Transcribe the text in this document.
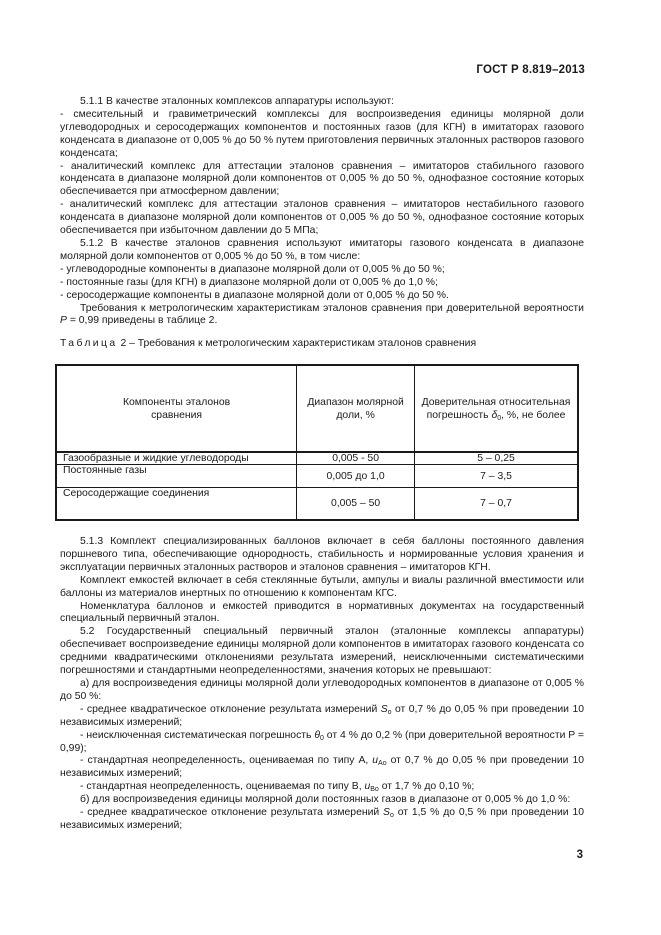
ГОСТ Р 8.819–2013

5.1.1 В качестве эталонных комплексов аппаратуры используют:

- смесительный и гравиметрический комплексы для воспроизведения единицы молярной доли углеводородных и серосодержащих компонентов и постоянных газов (для КГН) в имитаторах газового конденсата в диапазоне от 0,005 % до 50 % путем приготовления первичных эталонных растворов газового конденсата;

- аналитический комплекс для аттестации эталонов сравнения – имитаторов стабильного газового конденсата в диапазоне молярной доли компонентов от 0,005 % до 50 %, однофазное состояние которых обеспечивается при атмосферном давлении;

- аналитический комплекс для аттестации эталонов сравнения – имитаторов нестабильного газового конденсата в диапазоне молярной доли компонентов от 0,005 % до 50 %, однофазное состояние которых обеспечивается при избыточном давлении до 5 МПа;

5.1.2 В качестве эталонов сравнения используют имитаторы газового конденсата в диапазоне молярной доли компонентов от 0,005 % до 50 %, в том числе:

- углеводородные компоненты в диапазоне молярной доли от 0,005 % до 50 %;

- постоянные газы (для КГН) в диапазоне молярной доли от 0,005 % до 1,0 %;

- серосодержащие компоненты в диапазоне молярной доли от 0,005 % до 50 %.

Требования к метрологическим характеристикам эталонов сравнения при доверительной вероятности P = 0,99 приведены в таблице 2.

Таблица 2 – Требования к метрологическим характеристикам эталонов сравнения
Компоненты эталонов сравнения	Диапазон молярной доли, %	Доверительная относительная погрешность $\delta_0$, %, не более

Газообразные и жидкие углеводороды	0,005 - 50	5 – 0,25
Постоянные газы	0,005 до 1,0	7 – 3,5
Серосодержащие соединения	0,005 – 50	7 – 0,7

5.1.3 Комплект специализированных баллонов включает в себя баллоны постоянного давления поршневого типа, обеспечивающие однородность, стабильность и нормированные условия хранения и эксплуатации первичных эталонных растворов и эталонов сравнения – имитаторов КГН.

Комплект емкостей включает в себя стеклянные бутыли, ампулы и виалы различной вместимости или баллоны из материалов инертных по отношению к компонентам КГС.

Номенклатура баллонов и емкостей приводится в нормативных документах на государственный специальный первичный эталон.

5.2 Государственный специальный первичный эталон (эталонные комплексы аппаратуры) обеспечивает воспроизведение единицы молярной доли компонентов в имитаторах газового конденсата со средними квадратическими отклонениями результата измерений, неисключенными систематическими погрешностями и стандартными неопределенностями, значения которых не превышают:

а) для воспроизведения единицы молярной доли углеводородных компонентов в диапазоне от 0,005 % до 50 %:

- среднее квадратическое отклонение результата измерений $S_o$ от 0,7 % до 0,05 % при проведении 10 независимых измерений;

- неисключенная систематическая погрешность $\theta_0$ от 4 % до 0,2 % (при доверительной вероятности P = 0,99);

- стандартная неопределенность, оцениваемая по типу А, $u_{Ao}$ от 0,7 % до 0,05 % при проведении 10 независимых измерений;

- стандартная неопределенность, оцениваемая по типу В, $u_{Bo}$ от 1,7 % до 0,10 %;

б) для воспроизведения единицы молярной доли постоянных газов в диапазоне от 0,005 % до 1,0 %:

- среднее квадратическое отклонение результата измерений $S_o$ от 1,5 % до 0,5 % при проведении 10 независимых измерений;

3
